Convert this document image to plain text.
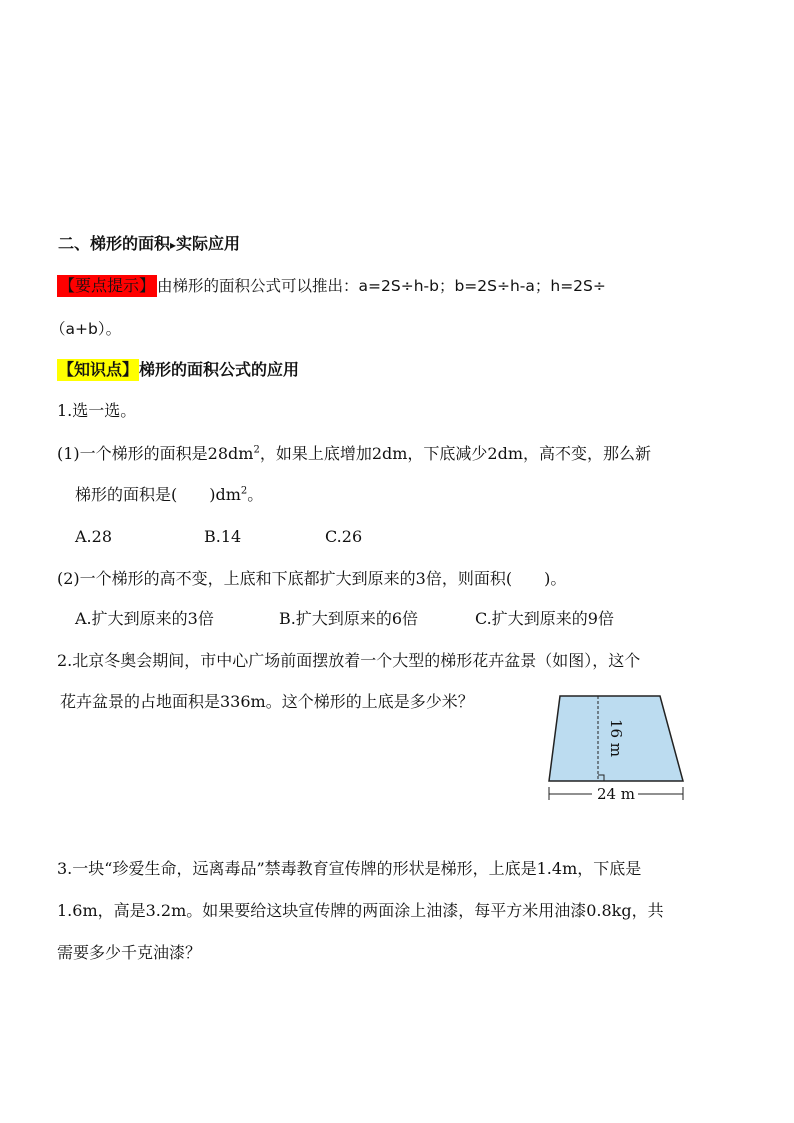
二、梯形的面积▸实际应用
【要点提示】 由梯形的面积公式可以推出：a=2S÷h-b；b=2S÷h-a；h=2S÷
（a+b）。
【知识点】梯形的面积公式的应用
1.选一选。
(1)一个梯形的面积是$28dm^2$，如果上底增加2dm，下底减少2dm，高不变，那么新
梯形的面积是(　　)$dm^2$。
A.28	B.14	C.26
(2)一个梯形的高不变，上底和下底都扩大到原来的3倍，则面积(　　)。
A.扩大到原来的3倍	B.扩大到原来的6倍	C.扩大到原来的9倍
2.北京冬奥会期间，市中心广场前面摆放着一个大型的梯形花卉盆景（如图），这个
花卉盆景的占地面积是336m。这个梯形的上底是多少米？
16 m
24 m
3.一块“珍爱生命，远离毒品”禁毒教育宣传牌的形状是梯形，上底是1.4m，下底是
1.6m，高是3.2m。如果要给这块宣传牌的两面涂上油漆，每平方米用油漆0.8kg，共
需要多少千克油漆？
